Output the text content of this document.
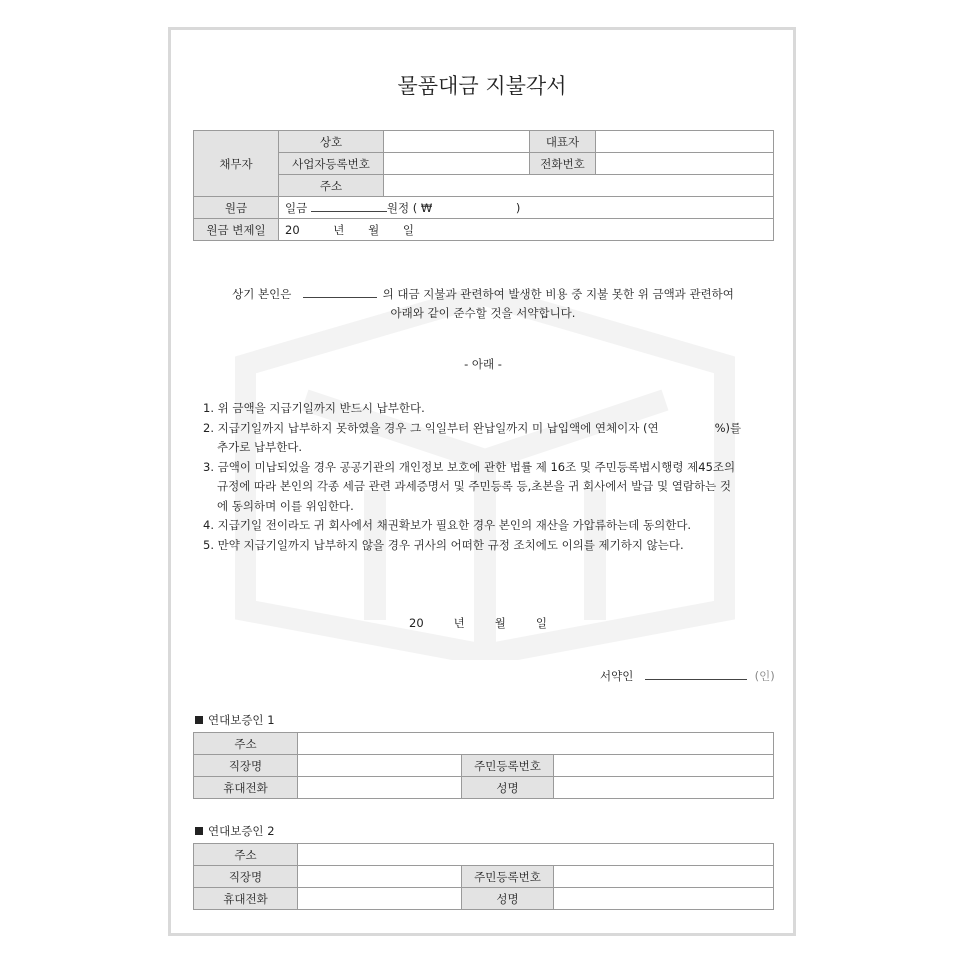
물품대금 지불각서
채무자	상호		대표자	
	사업자등록번호		전화번호	
	주소			
원금	일금 원정 ( ₩ )			
원금 변제일	20 년 월 일			
상기 본인은	의 대금 지불과 관련하여 발생한 비용 중 지불 못한 위 금액과 관련하여
아래와 같이 준수할 것을 서약합니다.
- 아래 -
1. 위 금액을 지급기일까지 반드시 납부한다.
2. 지급기일까지 납부하지 못하였을 경우 그 익일부터 완납일까지 미 납입액에 연체이자 (연	%)를
추가로 납부한다.
3. 금액이 미납되었을 경우 공공기관의 개인정보 보호에 관한 법률 제 16조 및 주민등록법시행령 제45조의
규정에 따라 본인의 각종 세금 관련 과세증명서 및 주민등록 등,초본을 귀 회사에서 발급 및 열람하는 것
에 동의하며 이를 위임한다.
4. 지급기일 전이라도 귀 회사에서 채권확보가 필요한 경우 본인의 재산을 가압류하는데 동의한다.
5. 만약 지급기일까지 납부하지 않을 경우 귀사의 어떠한 규정 조치에도 이의를 제기하지 않는다.
20	년	월	일
서약인	(인)
연대보증인 1
주소			
직장명		주민등록번호	
휴대전화		성명	
연대보증인 2
주소			
직장명		주민등록번호	
휴대전화		성명	
